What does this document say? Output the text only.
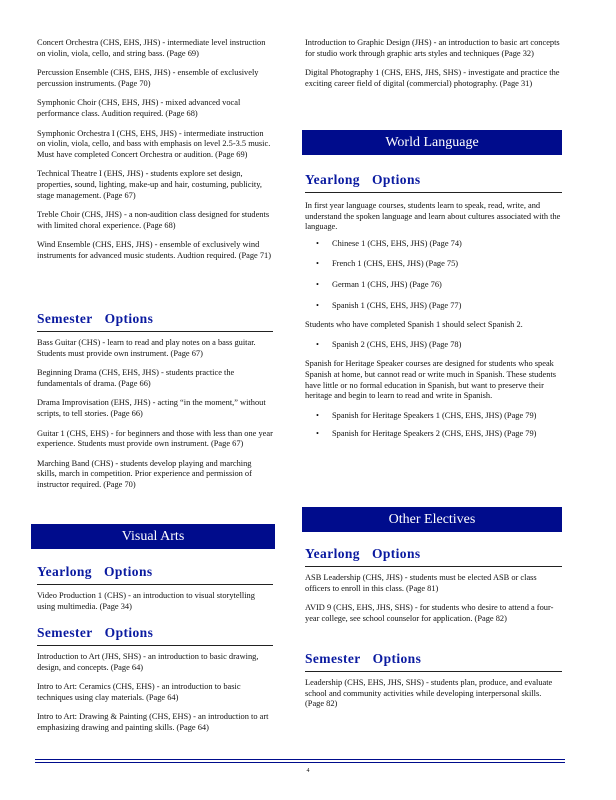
Concert Orchestra (CHS, EHS, JHS) - intermediate level instruction on violin, viola, cello, and string bass. (Page 69)

Percussion Ensemble (CHS, EHS, JHS) - ensemble of exclusively percussion instruments. (Page 70)

Symphonic Choir (CHS, EHS, JHS) - mixed advanced vocal performance class. Audition required. (Page 68)

Symphonic Orchestra I (CHS, EHS, JHS) - intermediate instruction on violin, viola, cello, and bass with emphasis on level 2.5-3.5 music. Must have completed Concert Orchestra or audition. (Page 69)

Technical Theatre I (EHS, JHS) - students explore set design, properties, sound, lighting, make-up and hair, costuming, publicity, stage management. (Page 67)

Treble Choir (CHS, JHS) - a non-audition class designed for students with limited choral experience. (Page 68)

Wind Ensemble (CHS, EHS, JHS) - ensemble of exclusively wind instruments for advanced music students. Audtion required. (Page 71)

Semester Options

Bass Guitar (CHS) - learn to read and play notes on a bass guitar. Students must provide own instrument. (Page 67)

Beginning Drama (CHS, EHS, JHS) - students practice the fundamentals of drama. (Page 66)

Drama Improvisation (EHS, JHS) - acting “in the moment,” without scripts, to tell stories. (Page 66)

Guitar 1 (CHS, EHS) - for beginners and those with less than one year experience. Students must provide own instrument. (Page 67)

Marching Band (CHS) - students develop playing and marching skills, march in competition. Prior experience and permission of instructor required. (Page 70)

Yearlong Options

Video Production 1 (CHS) - an introduction to visual storytelling using multimedia. (Page 34)

Semester Options

Introduction to Art (JHS, SHS) - an introduction to basic drawing, design, and concepts. (Page 64)

Intro to Art: Ceramics (CHS, EHS) - an introduction to basic techniques using clay materials. (Page 64)

Intro to Art: Drawing & Painting (CHS, EHS) - an introduction to art emphasizing drawing and painting skills. (Page 64)

Visual Arts

Introduction to Graphic Design (JHS) - an introduction to basic art concepts for studio work through graphic arts styles and techniques (Page 32)

Digital Photography 1 (CHS, EHS, JHS, SHS) - investigate and practice the exciting career field of digital (commercial) photography. (Page 31)

Yearlong Options

In first year language courses, students learn to speak, read, write, and understand the spoken language and learn about cultures associated with the language.

• Chinese 1 (CHS, EHS, JHS) (Page 74)
• French 1 (CHS, EHS, JHS) (Page 75)
• German 1 (CHS, JHS) (Page 76)
• Spanish 1 (CHS, EHS, JHS) (Page 77)

Students who have completed Spanish 1 should select Spanish 2.

• Spanish 2 (CHS, EHS, JHS) (Page 78)

Spanish for Heritage Speaker courses are designed for students who speak Spanish at home, but cannot read or write much in Spanish. These students have little or no formal education in Spanish, but want to preserve their heritage and begin to learn to read and write in Spanish.

• Spanish for Heritage Speakers 1 (CHS, EHS, JHS) (Page 79)
• Spanish for Heritage Speakers 2 (CHS, EHS, JHS) (Page 79)

Yearlong Options

ASB Leadership (CHS, JHS) - students must be elected ASB or class officers to enroll in this class. (Page 81)

AVID 9 (CHS, EHS, JHS, SHS) - for students who desire to attend a four-year college, see school counselor for application. (Page 82)

Semester Options

Leadership (CHS, EHS, JHS, SHS) - students plan, produce, and evaluate school and community activities while developing interpersonal skills. (Page 82)

World Language
Other Electives
4
